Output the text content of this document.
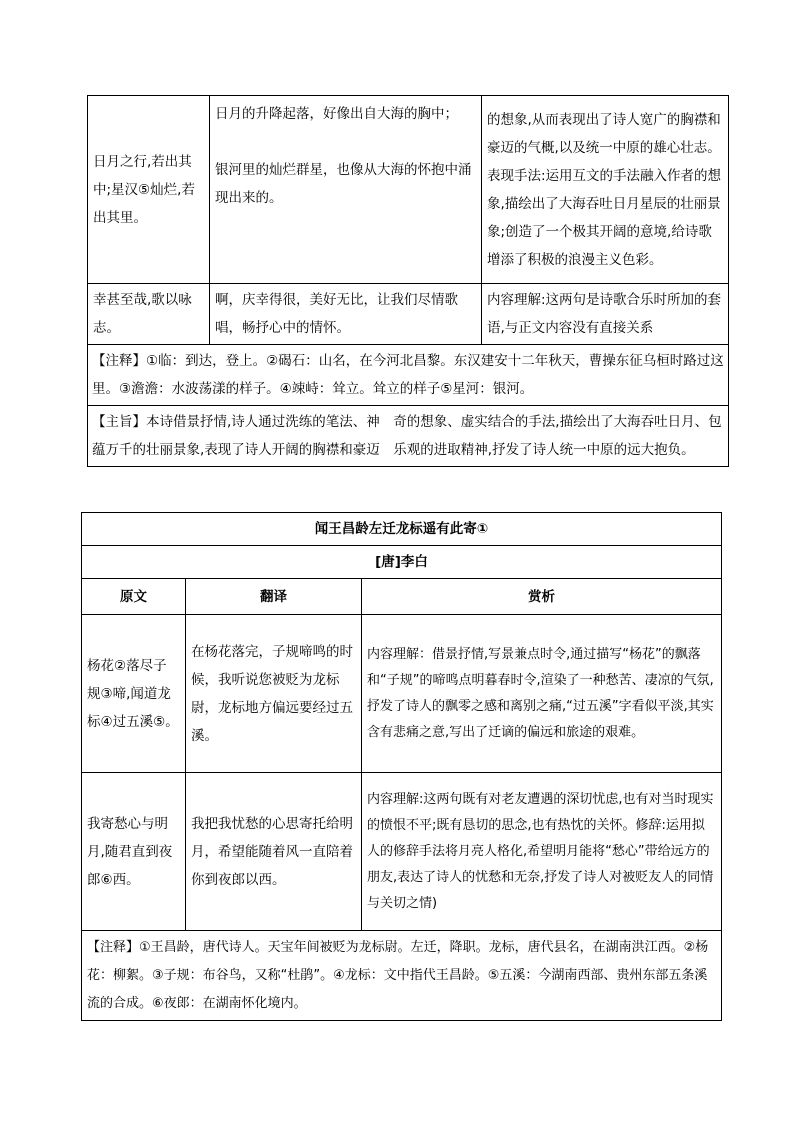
日月之行,若出其中;星汉⑤灿烂,若出其里。	日月的升降起落，好像出自大海的胸中；

银河里的灿烂群星，也像从大海的怀抱中涌现出来的。	的想象,从而表现出了诗人宽广的胸襟和豪迈的气概,以及统一中原的雄心壮志。表现手法:运用互文的手法融入作者的想象,描绘出了大海吞吐日月星辰的壮丽景象;创造了一个极其开阔的意境,给诗歌增添了积极的浪漫主义色彩。
幸甚至哉,歌以咏志。	啊，庆幸得很，美好无比，让我们尽情歌唱，畅抒心中的情怀。	内容理解:这两句是诗歌合乐时所加的套语,与正文内容没有直接关系
【注释】①临：到达，登上。②碣石：山名，在今河北昌黎。东汉建安十二年秋天，曹操东征乌桓时路过这里。③澹澹：水波荡漾的样子。④竦峙：耸立。耸立的样子⑤星河：银河。		
【主旨】本诗借景抒情,诗人通过洗练的笔法、神　奇的想象、虚实结合的手法,描绘出了大海吞吐日月、包蕴万千的壮丽景象,表现了诗人开阔的胸襟和豪迈　乐观的进取精神,抒发了诗人统一中原的远大抱负。		
闻王昌龄左迁龙标遥有此寄①		
[唐]李白		
原文	翻译	赏析
杨花②落尽子规③啼,闻道龙标④过五溪⑤。	在杨花落完，子规啼鸣的时候，我听说您被贬为龙标尉，龙标地方偏远要经过五溪。	内容理解：借景抒情,写景兼点时令,通过描写“杨花”的飘落和“子规”的啼鸣点明暮春时令,渲染了一种愁苦、凄凉的气氛,抒发了诗人的飘零之感和离别之痛,“过五溪”字看似平淡,其实含有悲痛之意,写出了迁谪的偏远和旅途的艰难。
我寄愁心与明月,随君直到夜郎⑥西。	我把我忧愁的心思寄托给明月，希望能随着风一直陪着你到夜郎以西。	内容理解:这两句既有对老友遭遇的深切忧虑,也有对当时现实的愤恨不平;既有恳切的思念,也有热忱的关怀。修辞:运用拟人的修辞手法将月亮人格化,希望明月能将“愁心”带给远方的朋友,表达了诗人的忧愁和无奈,抒发了诗人对被贬友人的同情与关切之情)
【注释】①王昌龄，唐代诗人。天宝年间被贬为龙标尉。左迁，降职。龙标，唐代县名，在湖南洪江西。②杨花：柳絮。③子规：布谷鸟，又称“杜鹃”。④龙标：文中指代王昌龄。⑤五溪：今湖南西部、贵州东部五条溪流的合成。⑥夜郎：在湖南怀化境内。		
